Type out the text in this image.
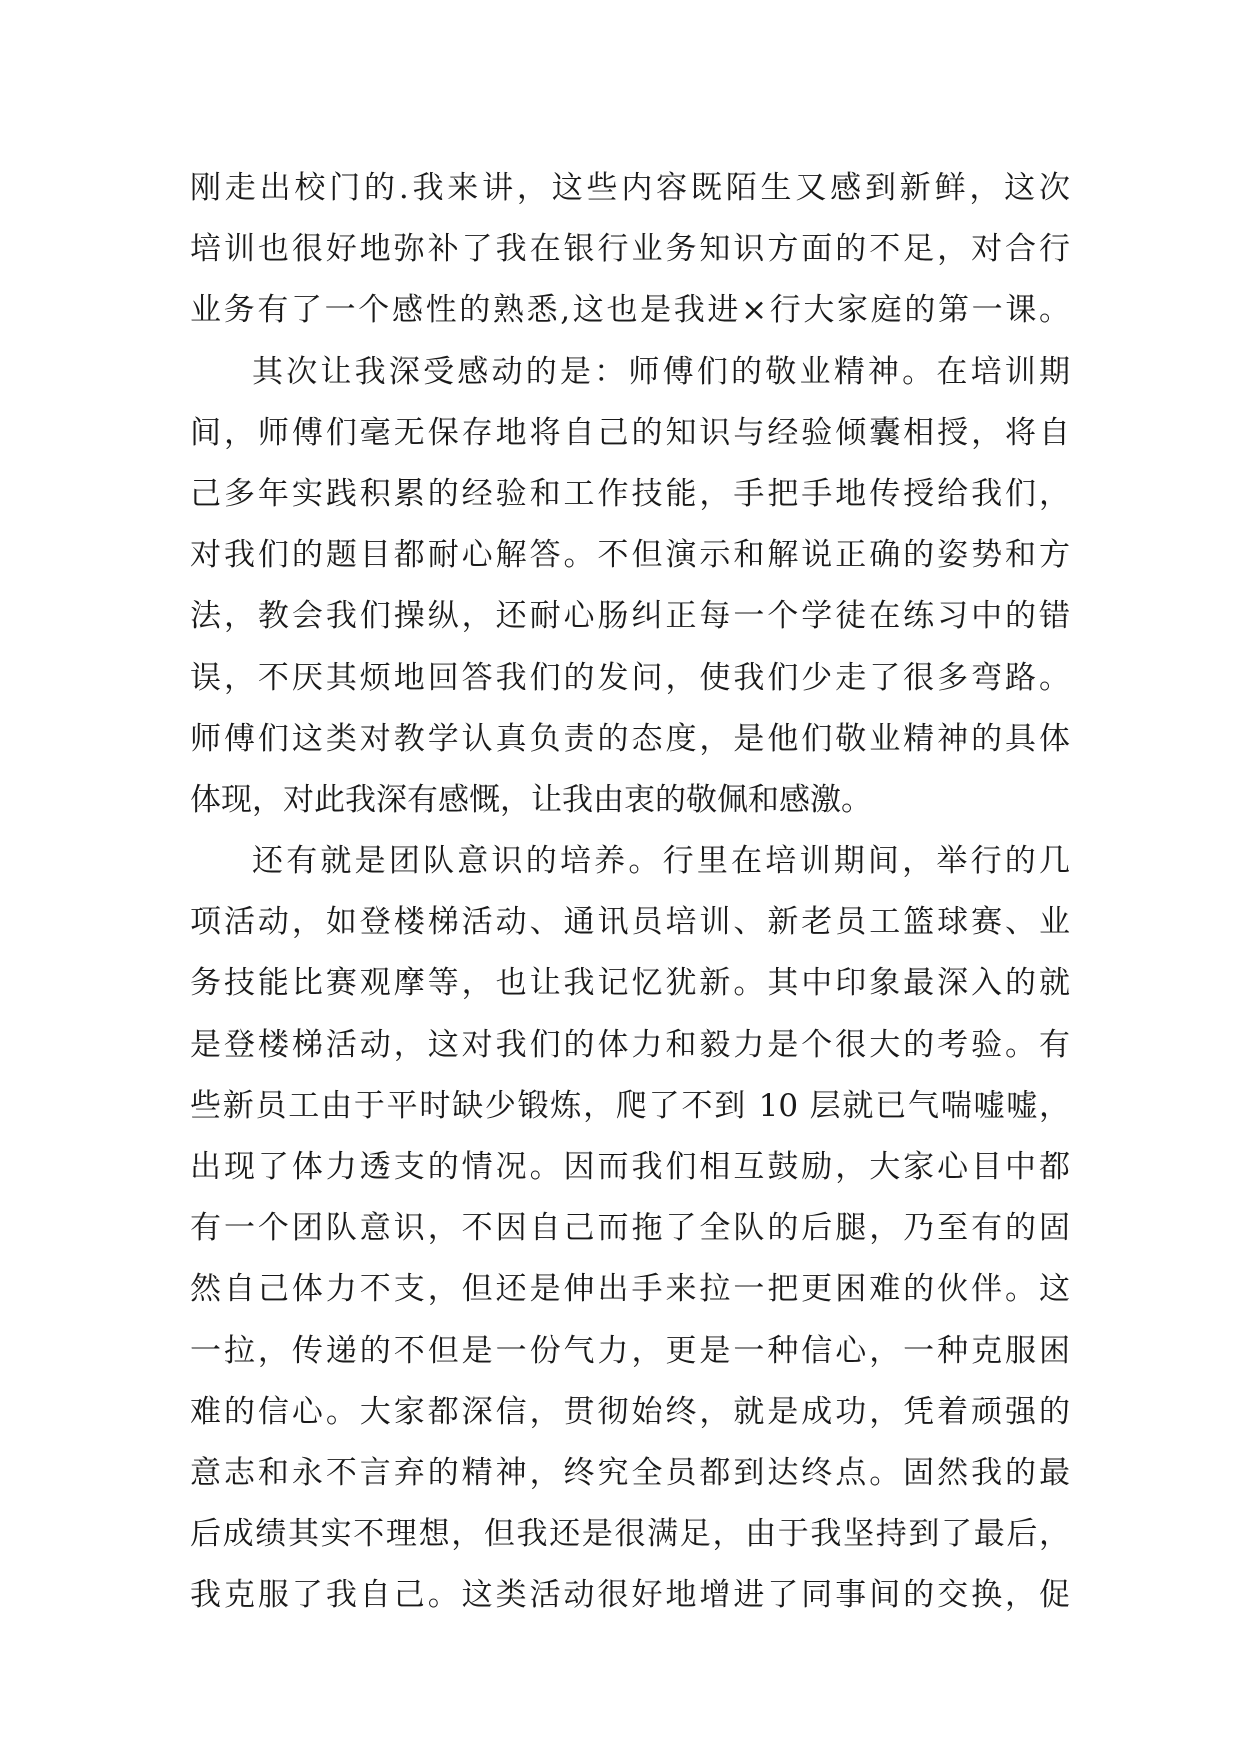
刚走出校门的.我来讲，这些内容既陌生又感到新鲜，这次
培训也很好地弥补了我在银行业务知识方面的不足，对合行
业务有了一个感性的熟悉,这也是我进×行大家庭的第一课。
其次让我深受感动的是：师傅们的敬业精神。在培训期
间，师傅们毫无保存地将自己的知识与经验倾囊相授，将自
己多年实践积累的经验和工作技能，手把手地传授给我们，
对我们的题目都耐心解答。不但演示和解说正确的姿势和方
法，教会我们操纵，还耐心肠纠正每一个学徒在练习中的错
误，不厌其烦地回答我们的发问，使我们少走了很多弯路。
师傅们这类对教学认真负责的态度，是他们敬业精神的具体
体现，对此我深有感慨，让我由衷的敬佩和感激。
还有就是团队意识的培养。行里在培训期间，举行的几
项活动，如登楼梯活动、通讯员培训、新老员工篮球赛、业
务技能比赛观摩等，也让我记忆犹新。其中印象最深入的就
是登楼梯活动，这对我们的体力和毅力是个很大的考验。有
些新员工由于平时缺少锻炼，爬了不到 10 层就已气喘嘘嘘，
出现了体力透支的情况。因而我们相互鼓励，大家心目中都
有一个团队意识，不因自己而拖了全队的后腿，乃至有的固
然自己体力不支，但还是伸出手来拉一把更困难的伙伴。这
一拉，传递的不但是一份气力，更是一种信心，一种克服困
难的信心。大家都深信，贯彻始终，就是成功，凭着顽强的
意志和永不言弃的精神，终究全员都到达终点。固然我的最
后成绩其实不理想，但我还是很满足，由于我坚持到了最后，
我克服了我自己。这类活动很好地增进了同事间的交换，促
